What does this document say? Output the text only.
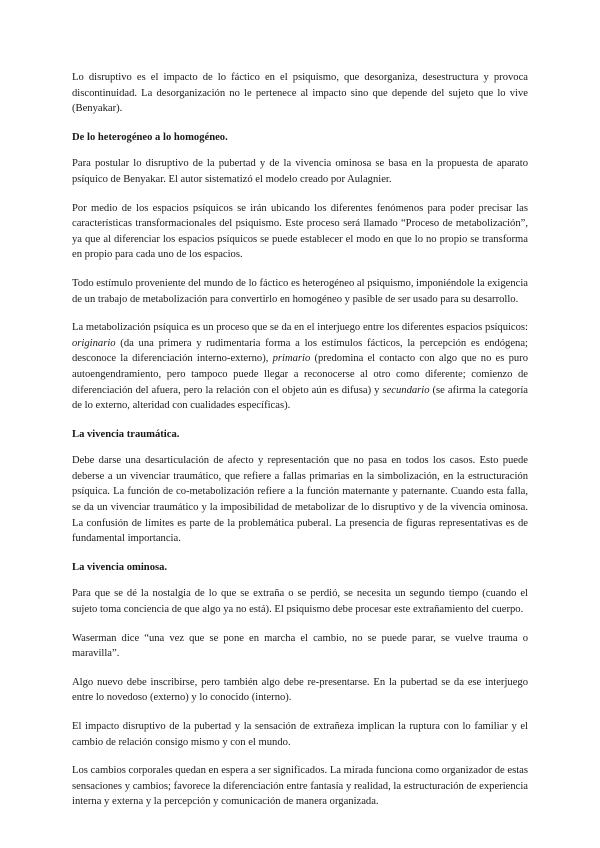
Lo disruptivo es el impacto de lo fáctico en el psiquismo, que desorganiza, desestructura y provoca discontinuidad. La desorganización no le pertenece al impacto sino que depende del sujeto que lo vive (Benyakar).

De lo heterogéneo a lo homogéneo.

Para postular lo disruptivo de la pubertad y de la vivencia ominosa se basa en la propuesta de aparato psíquico de Benyakar. El autor sistematizó el modelo creado por Aulagnier.

Por medio de los espacios psíquicos se irán ubicando los diferentes fenómenos para poder precisar las características transformacionales del psiquismo. Este proceso será llamado “Proceso de metabolización”, ya que al diferenciar los espacios psíquicos se puede establecer el modo en que lo no propio se transforma en propio para cada uno de los espacios.

Todo estímulo proveniente del mundo de lo fáctico es heterogéneo al psiquismo, imponiéndole la exigencia de un trabajo de metabolización para convertirlo en homogéneo y pasible de ser usado para su desarrollo.

La metabolización psíquica es un proceso que se da en el interjuego entre los diferentes espacios psíquicos: originario (da una primera y rudimentaria forma a los estímulos fácticos, la percepción es endógena; desconoce la diferenciación interno-externo), primario (predomina el contacto con algo que no es puro autoengendramiento, pero tampoco puede llegar a reconocerse al otro como diferente; comienzo de diferenciación del afuera, pero la relación con el objeto aún es difusa) y secundario (se afirma la categoría de lo externo, alteridad con cualidades específicas).

La vivencia traumática.

Debe darse una desarticulación de afecto y representación que no pasa en todos los casos. Esto puede deberse a un vivenciar traumático, que refiere a fallas primarias en la simbolización, en la estructuración psíquica. La función de co-metabolización refiere a la función maternante y paternante. Cuando esta falla, se da un vivenciar traumático y la imposibilidad de metabolizar de lo disruptivo y de la vivencia ominosa. La confusión de límites es parte de la problemática puberal. La presencia de figuras representativas es de fundamental importancia.

La vivencia ominosa.

Para que se dé la nostalgia de lo que se extraña o se perdió, se necesita un segundo tiempo (cuando el sujeto toma conciencia de que algo ya no está). El psiquismo debe procesar este extrañamiento del cuerpo.

Waserman dice “una vez que se pone en marcha el cambio, no se puede parar, se vuelve trauma o maravilla”.

Algo nuevo debe inscribirse, pero también algo debe re-presentarse. En la pubertad se da ese interjuego entre lo novedoso (externo) y lo conocido (interno).

El impacto disruptivo de la pubertad y la sensación de extrañeza implican la ruptura con lo familiar y el cambio de relación consigo mismo y con el mundo.

Los cambios corporales quedan en espera a ser significados. La mirada funciona como organizador de estas sensaciones y cambios; favorece la diferenciación entre fantasía y realidad, la estructuración de experiencia interna y externa y la percepción y comunicación de manera organizada.
